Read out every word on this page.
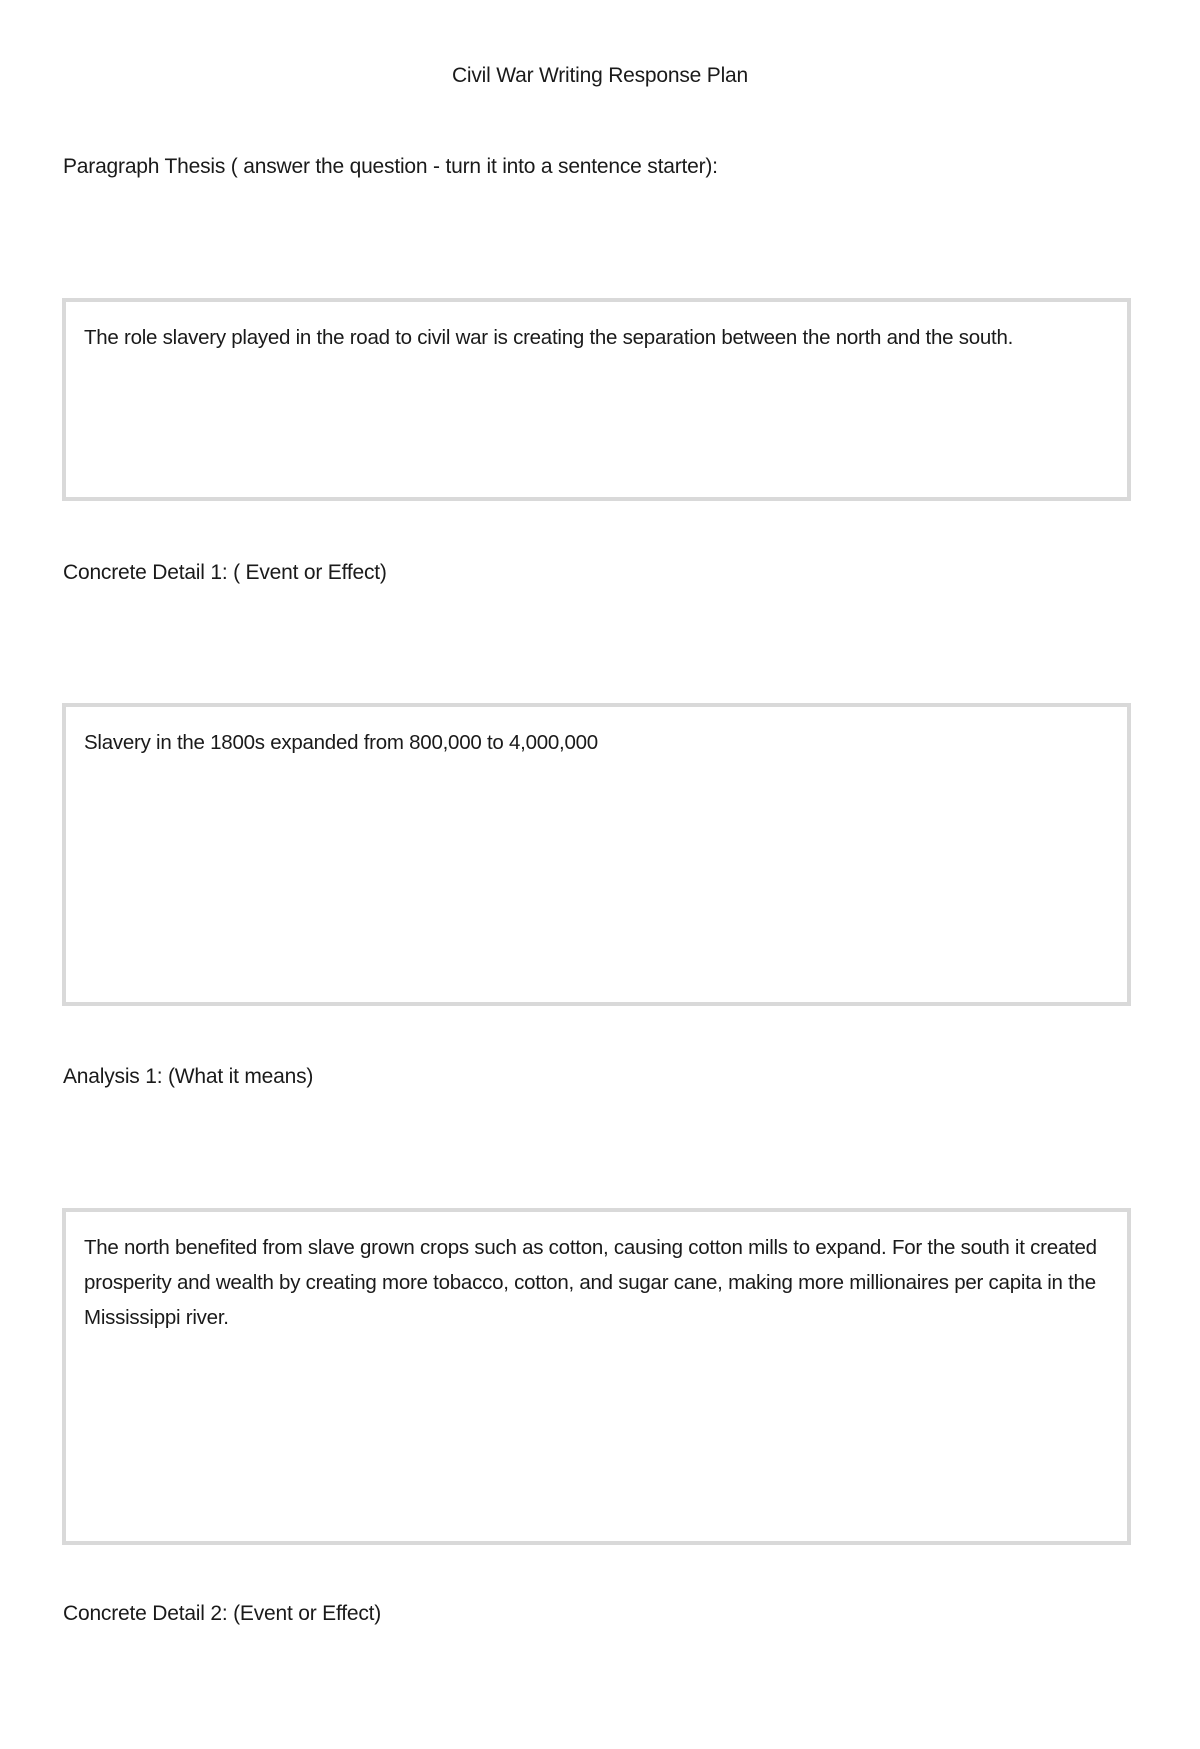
Civil War Writing Response Plan
Paragraph Thesis ( answer the question - turn it into a sentence starter):

The role slavery played in the road to civil war is creating the separation between the north and the south.

Concrete Detail 1: ( Event or Effect)

Slavery in the 1800s expanded from 800,000 to 4,000,000

Analysis 1: (What it means)

The north benefited from slave grown crops such as cotton, causing cotton mills to expand. For the south it created prosperity and wealth by creating more tobacco, cotton, and sugar cane, making more millionaires per capita in the Mississippi river.

Concrete Detail 2: (Event or Effect)
